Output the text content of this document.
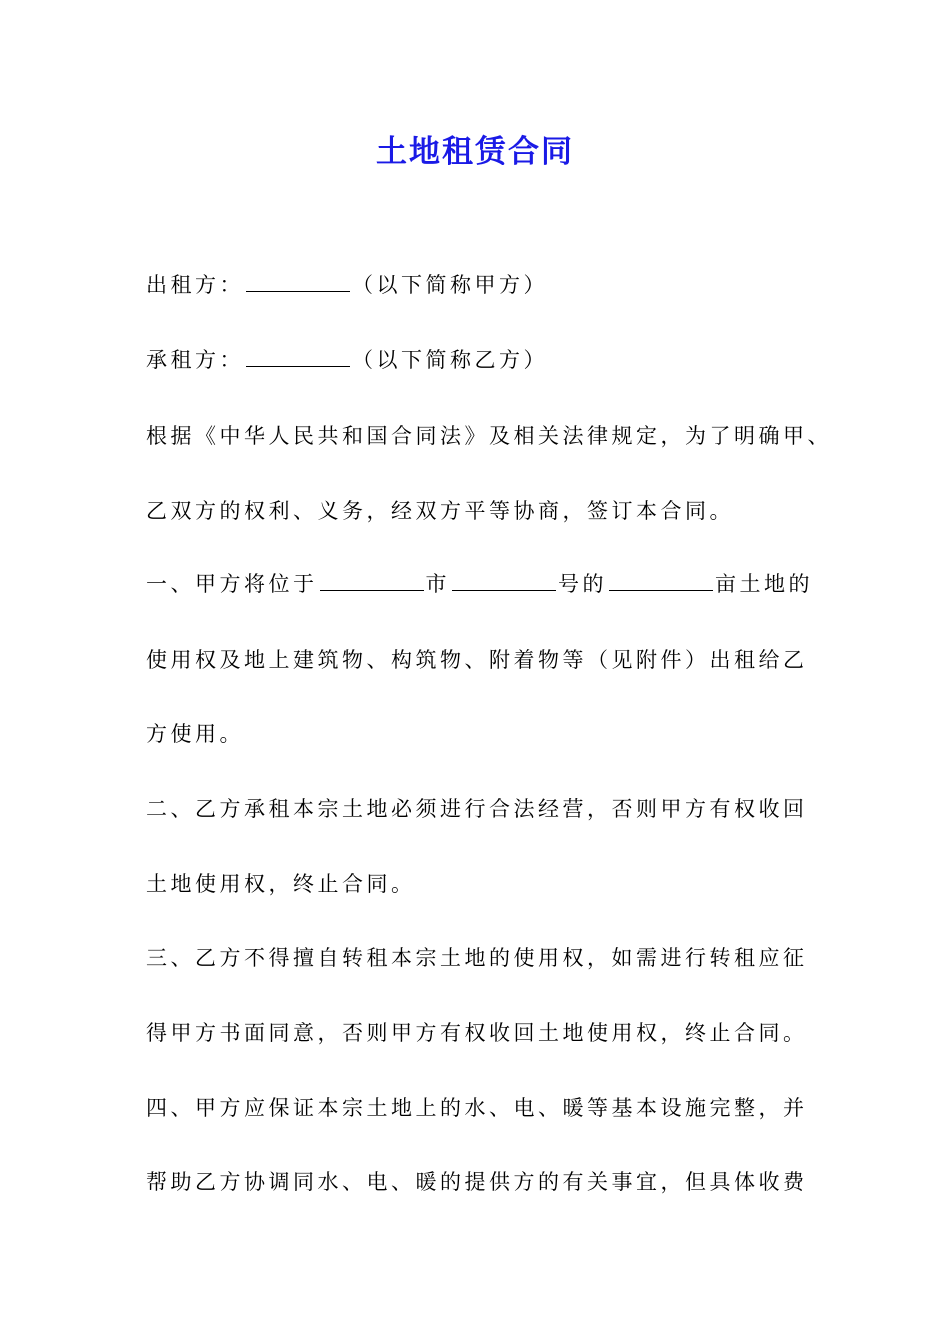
土地租赁合同
出租方：	（以下简称甲方）
承租方：	（以下简称乙方）
根据《中华人民共和国合同法》及相关法律规定，为了明确甲、
乙双方的权利、义务，经双方平等协商，签订本合同。
一、甲方将位于	市	号的	亩土地的
使用权及地上建筑物、构筑物、附着物等（见附件）出租给乙
方使用。
二、乙方承租本宗土地必须进行合法经营，否则甲方有权收回
土地使用权，终止合同。
三、乙方不得擅自转租本宗土地的使用权，如需进行转租应征
得甲方书面同意，否则甲方有权收回土地使用权，终止合同。
四、甲方应保证本宗土地上的水、电、暖等基本设施完整，并
帮助乙方协调同水、电、暖的提供方的有关事宜，但具体收费
